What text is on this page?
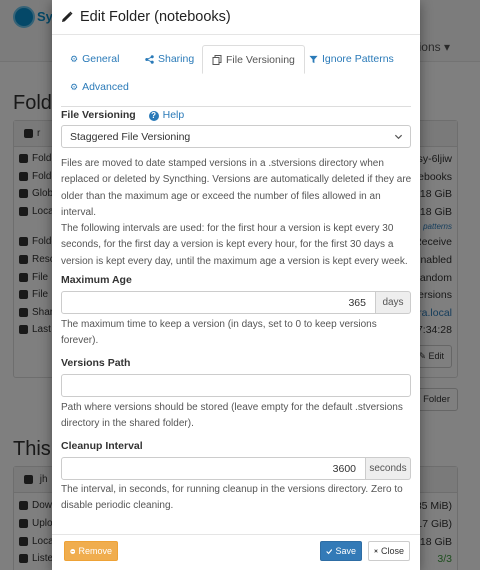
Edit Folder (notebooks)
⚙ General	Sharing	File Versioning	Ignore Patterns
⚙ Advanced
File Versioning ? Help
Staggered File Versioning
Files are moved to date stamped versions in a .stversions directory when replaced or deleted by Syncthing. Versions are automatically deleted if they are older than the maximum age or exceed the number of files allowed in an interval.
The following intervals are used: for the first hour a version is kept every 30 seconds, for the first day a version is kept every hour, for the first 30 days a version is kept every day, until the maximum age a version is kept every week.
Maximum Age
365	days
The maximum time to keep a version (in days, set to 0 to keep versions forever).
Versions Path
Path where versions should be stored (leave empty for the default .stversions directory in the shared folder).
Cleanup Interval
3600	seconds
The interval, in seconds, for running cleanup in the versions directory. Zero to disable periodic cleaning.
Remove	Save	Close
